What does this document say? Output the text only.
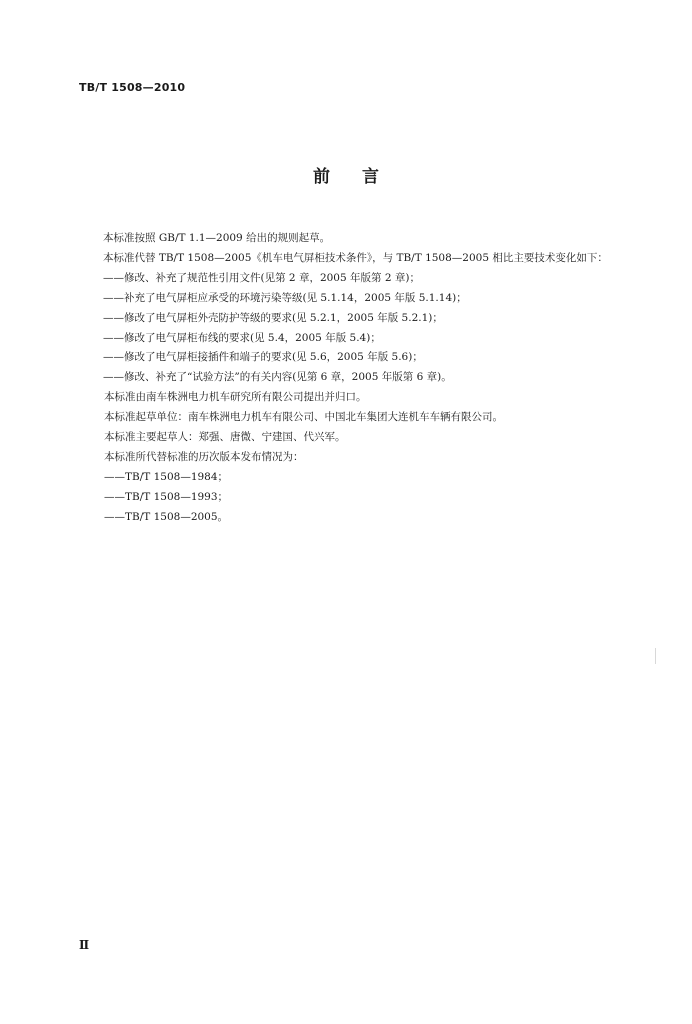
TB/T 1508—2010
前言

本标准按照 GB/T 1.1—2009 给出的规则起草。

本标准代替 TB/T 1508—2005《机车电气屏柜技术条件》，与 TB/T 1508—2005 相比主要技术变化如下：

——修改、补充了规范性引用文件(见第 2 章，2005 年版第 2 章)；

——补充了电气屏柜应承受的环境污染等级(见 5.1.14，2005 年版 5.1.14)；

——修改了电气屏柜外壳防护等级的要求(见 5.2.1，2005 年版 5.2.1)；

——修改了电气屏柜布线的要求(见 5.4，2005 年版 5.4)；

——修改了电气屏柜接插件和端子的要求(见 5.6，2005 年版 5.6)；

——修改、补充了“试验方法”的有关内容(见第 6 章，2005 年版第 6 章)。

本标准由南车株洲电力机车研究所有限公司提出并归口。

本标准起草单位：南车株洲电力机车有限公司、中国北车集团大连机车车辆有限公司。

本标准主要起草人：郑强、唐微、宁建国、代兴军。

本标准所代替标准的历次版本发布情况为：

——TB/T 1508—1984；

——TB/T 1508—1993；

——TB/T 1508—2005。

Ⅱ
